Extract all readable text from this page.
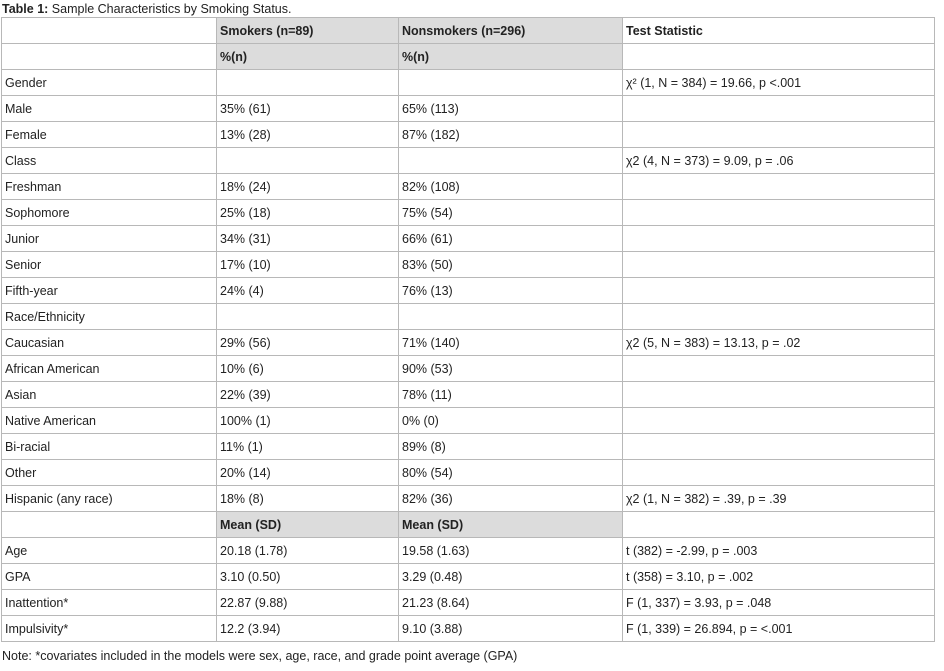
Table 1: Sample Characteristics by Smoking Status.
	Smokers (n=89)	Nonsmokers (n=296)	Test Statistic
	%(n)	%(n)	
Gender			χ² (1, N = 384) = 19.66, p <.001
Male	35% (61)	65% (113)	
Female	13% (28)	87% (182)	
Class			χ2 (4, N = 373) = 9.09, p = .06
Freshman	18% (24)	82% (108)	
Sophomore	25% (18)	75% (54)	
Junior	34% (31)	66% (61)	
Senior	17% (10)	83% (50)	
Fifth-year	24% (4)	76% (13)	
Race/Ethnicity			
Caucasian	29% (56)	71% (140)	χ2 (5, N = 383) = 13.13, p = .02
African American	10% (6)	90% (53)	
Asian	22% (39)	78% (11)	
Native American	100% (1)	0% (0)	
Bi-racial	11% (1)	89% (8)	
Other	20% (14)	80% (54)	
Hispanic (any race)	18% (8)	82% (36)	χ2 (1, N = 382) = .39, p = .39
	Mean (SD)	Mean (SD)	
Age	20.18 (1.78)	19.58 (1.63)	t (382) = -2.99, p = .003
GPA	3.10 (0.50)	3.29 (0.48)	t (358) = 3.10, p = .002
Inattention*	22.87 (9.88)	21.23 (8.64)	F (1, 337) = 3.93, p = .048
Impulsivity*	12.2 (3.94)	9.10 (3.88)	F (1, 339) = 26.894, p = <.001
Note: *covariates included in the models were sex, age, race, and grade point average (GPA)
